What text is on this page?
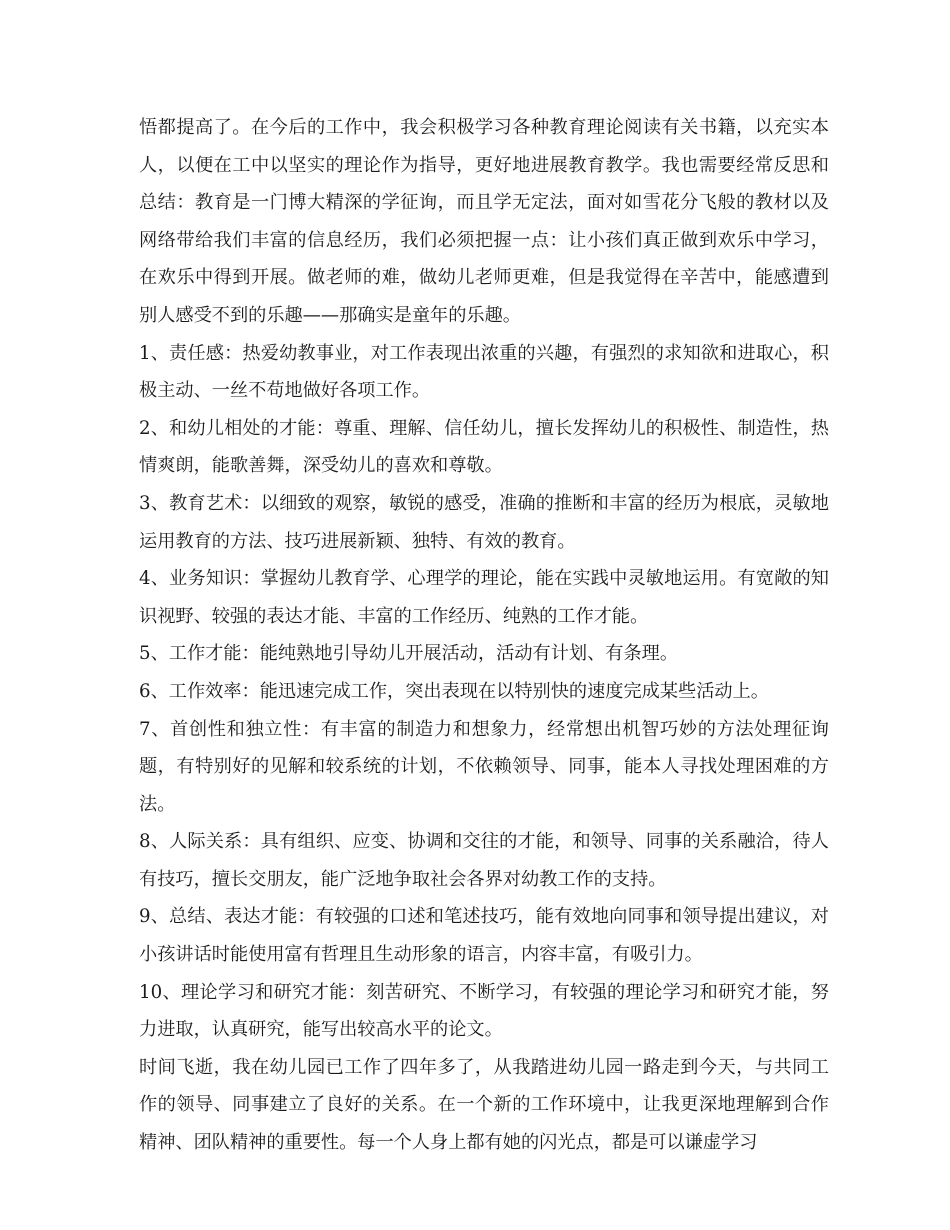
悟都提高了。在今后的工作中，我会积极学习各种教育理论阅读有关书籍，以充实本人，以便在工中以坚实的理论作为指导，更好地进展教育教学。我也需要经常反思和总结：教育是一门博大精深的学征询，而且学无定法，面对如雪花分飞般的教材以及网络带给我们丰富的信息经历，我们必须把握一点：让小孩们真正做到欢乐中学习，在欢乐中得到开展。做老师的难，做幼儿老师更难，但是我觉得在辛苦中，能感遭到别人感受不到的乐趣——那确实是童年的乐趣。

1、责任感：热爱幼教事业，对工作表现出浓重的兴趣，有强烈的求知欲和进取心，积极主动、一丝不苟地做好各项工作。

2、和幼儿相处的才能：尊重、理解、信任幼儿，擅长发挥幼儿的积极性、制造性，热情爽朗，能歌善舞，深受幼儿的喜欢和尊敬。

3、教育艺术：以细致的观察，敏锐的感受，准确的推断和丰富的经历为根底，灵敏地运用教育的方法、技巧进展新颖、独特、有效的教育。

4、业务知识：掌握幼儿教育学、心理学的理论，能在实践中灵敏地运用。有宽敞的知识视野、较强的表达才能、丰富的工作经历、纯熟的工作才能。

5、工作才能：能纯熟地引导幼儿开展活动，活动有计划、有条理。

6、工作效率：能迅速完成工作，突出表现在以特别快的速度完成某些活动上。

7、首创性和独立性：有丰富的制造力和想象力，经常想出机智巧妙的方法处理征询题，有特别好的见解和较系统的计划，不依赖领导、同事，能本人寻找处理困难的方法。

8、人际关系：具有组织、应变、协调和交往的才能，和领导、同事的关系融洽，待人有技巧，擅长交朋友，能广泛地争取社会各界对幼教工作的支持。

9、总结、表达才能：有较强的口述和笔述技巧，能有效地向同事和领导提出建议，对小孩讲话时能使用富有哲理且生动形象的语言，内容丰富，有吸引力。

10、理论学习和研究才能：刻苦研究、不断学习，有较强的理论学习和研究才能，努力进取，认真研究，能写出较高水平的论文。

时间飞逝，我在幼儿园已工作了四年多了，从我踏进幼儿园一路走到今天，与共同工作的领导、同事建立了良好的关系。在一个新的工作环境中，让我更深地理解到合作精神、团队精神的重要性。每一个人身上都有她的闪光点，都是可以谦虚学习
